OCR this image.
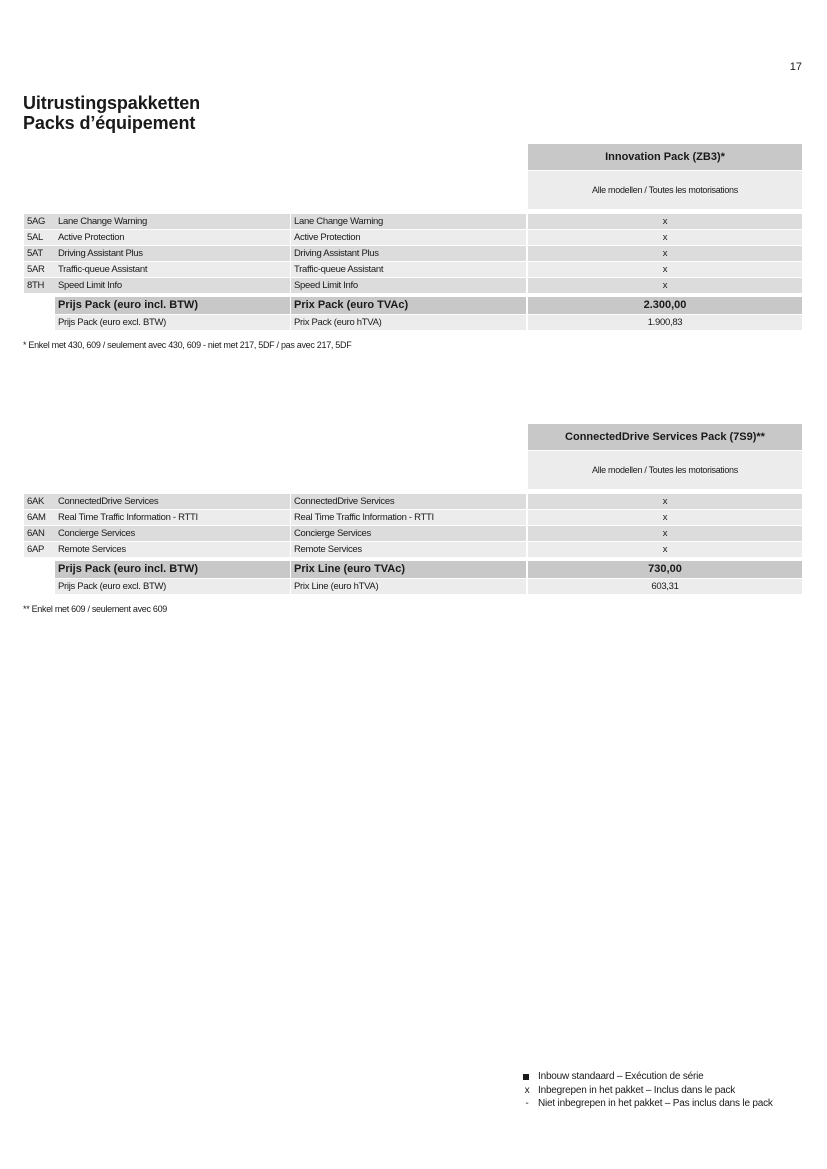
17
Uitrustingspakketten
Packs d’équipement
Innovation Pack (ZB3)*
Alle modellen / Toutes les motorisations
5AG	Lane Change Warning	Lane Change Warning	x
5AL	Active Protection	Active Protection	x
5AT	Driving Assistant Plus	Driving Assistant Plus	x
5AR	Traffic-queue Assistant	Traffic-queue Assistant	x
8TH	Speed Limit Info	Speed Limit Info	x
Prijs Pack (euro incl. BTW)	Prix Pack (euro TVAc)	2.300,00
Prijs Pack (euro excl. BTW)	Prix Pack (euro hTVA)	1.900,83
* Enkel met 430, 609 / seulement avec 430, 609 - niet met 217, 5DF / pas avec 217, 5DF
ConnectedDrive Services Pack (7S9)**
Alle modellen / Toutes les motorisations
6AK	ConnectedDrive Services	ConnectedDrive Services	x
6AM	Real Time Traffic Information - RTTI	Real Time Traffic Information - RTTI	x
6AN	Concierge Services	Concierge Services	x
6AP	Remote Services	Remote Services	x
Prijs Pack (euro incl. BTW)	Prix Line (euro TVAc)	730,00
Prijs Pack (euro excl. BTW)	Prix Line (euro hTVA)	603,31
** Enkel met 609 / seulement avec 609
Inbouw standaard – Exécution de série
x Inbegrepen in het pakket – Inclus dans le pack
- Niet inbegrepen in het pakket – Pas inclus dans le pack
